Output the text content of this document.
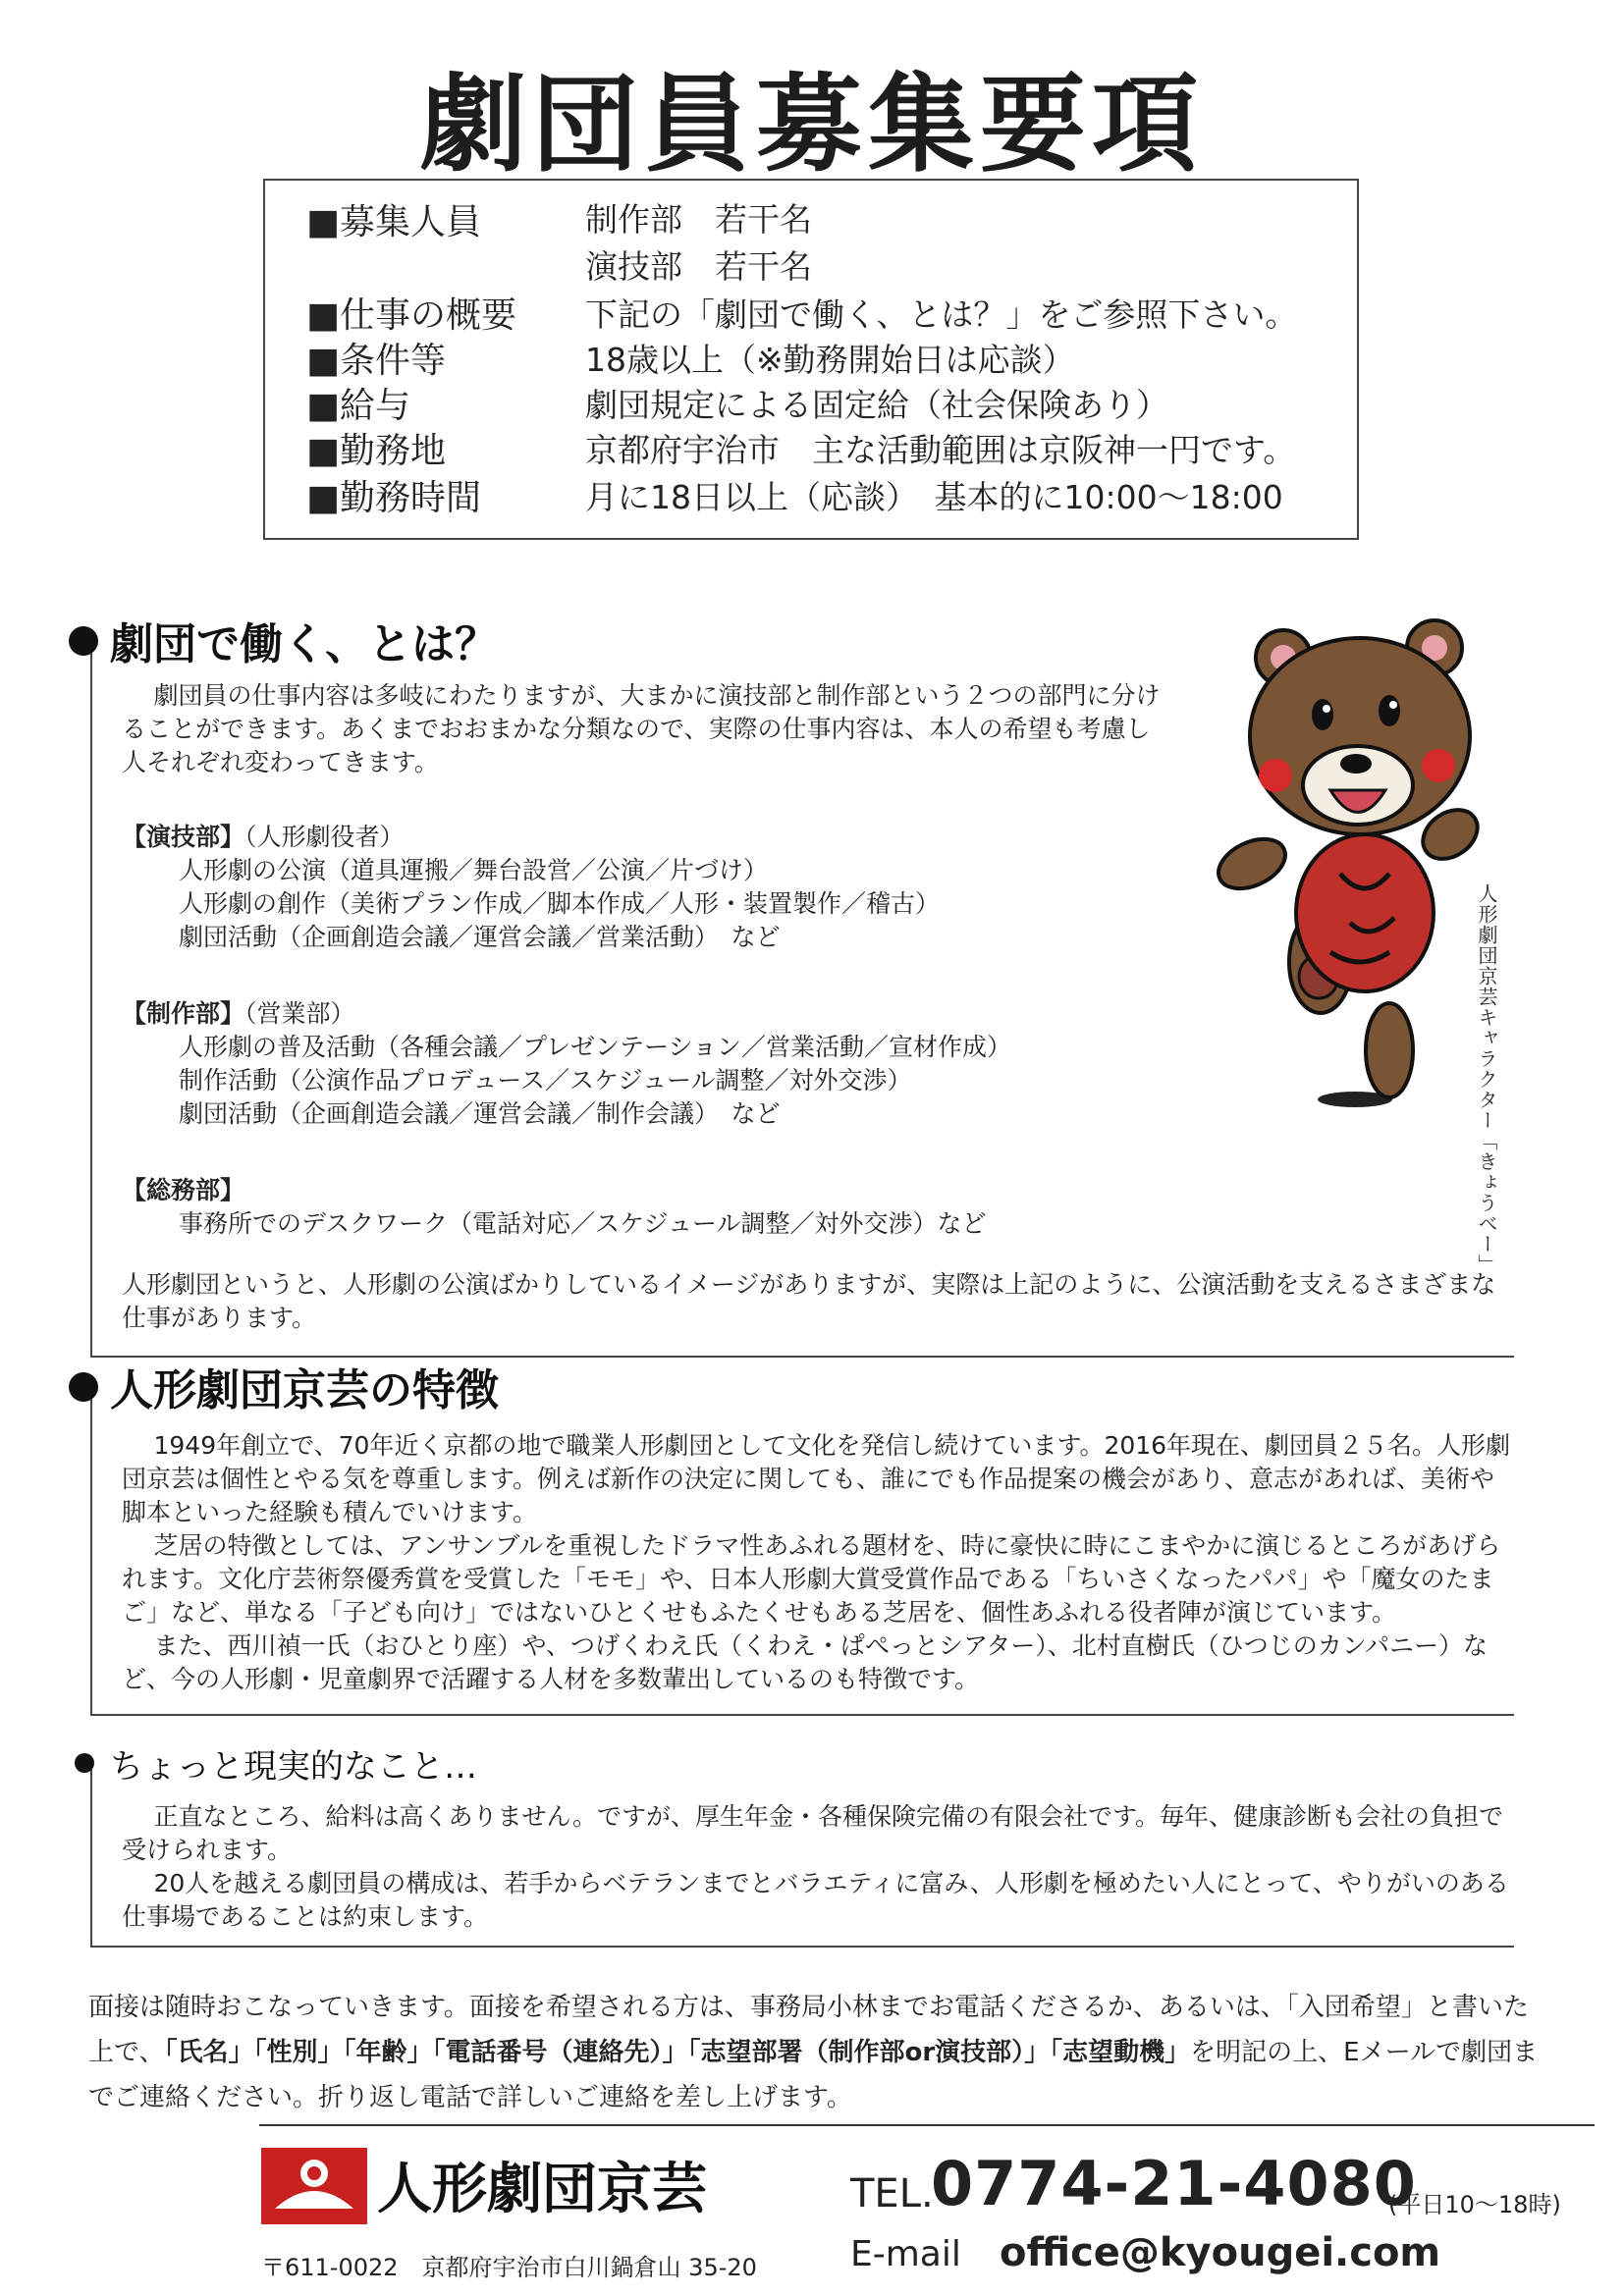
劇団員募集要項
■募集人員	制作部　若干名
演技部　若干名
■仕事の概要 下記の「劇団で働く、とは？」をご参照下さい。
■条件等	18歳以上（※勤務開始日は応談）
■給与	劇団規定による固定給（社会保険あり）
■勤務地	京都府宇治市　主な活動範囲は京阪神一円です。
■勤務時間	月に18日以上（応談）　基本的に10:00〜18:00
劇団で働く、とは？

劇団員の仕事内容は多岐にわたりますが、大まかに演技部と制作部という２つの部門に分けることができます。あくまでおおまかな分類なので、実際の仕事内容は、本人の希望も考慮し人それぞれ変わってきます。

【演技部】（人形劇役者）
人形劇の公演（道具運搬／舞台設営／公演／片づけ）
人形劇の創作（美術プラン作成／脚本作成／人形・装置製作／稽古）
劇団活動（企画創造会議／運営会議／営業活動）　など
【制作部】（営業部）
人形劇の普及活動（各種会議／プレゼンテーション／営業活動／宣材作成）
制作活動（公演作品プロデュース／スケジュール調整／対外交渉）
劇団活動（企画創造会議／運営会議／制作会議）　など
【総務部】
事務所でのデスクワーク（電話対応／スケジュール調整／対外交渉）など
人形劇団というと、人形劇の公演ばかりしているイメージがありますが、実際は上記のように、公演活動を支えるさまざまな仕事があります。
人形劇団京芸キャラクター「きょうべー」
人形劇団京芸の特徴

1949年創立で、70年近く京都の地で職業人形劇団として文化を発信し続けています。2016年現在、劇団員２５名。人形劇団京芸は個性とやる気を尊重します。例えば新作の決定に関しても、誰にでも作品提案の機会があり、意志があれば、美術や脚本といった経験も積んでいけます。

芝居の特徴としては、アンサンブルを重視したドラマ性あふれる題材を、時に豪快に時にこまやかに演じるところがあげられます。文化庁芸術祭優秀賞を受賞した「モモ」や、日本人形劇大賞受賞作品である「ちいさくなったパパ」や「魔女のたまご」など、単なる「子ども向け」ではないひとくせもふたくせもある芝居を、個性あふれる役者陣が演じています。

また、西川禎一氏（おひとり座）や、つげくわえ氏（くわえ・ぱぺっとシアター）、北村直樹氏（ひつじのカンパニー）など、今の人形劇・児童劇界で活躍する人材を多数輩出しているのも特徴です。

ちょっと現実的なこと…

正直なところ、給料は高くありません。ですが、厚生年金・各種保険完備の有限会社です。毎年、健康診断も会社の負担で受けられます。

20人を越える劇団員の構成は、若手からベテランまでとバラエティに富み、人形劇を極めたい人にとって、やりがいのある仕事場であることは約束します。

面接は随時おこなっていきます。面接を希望される方は、事務局小林までお電話くださるか、あるいは、「入団希望」と書いた上で、「氏名」「性別」「年齢」「電話番号（連絡先）」「志望部署（制作部or演技部）」「志望動機」を明記の上、Eメールで劇団までご連絡ください。折り返し電話で詳しいご連絡を差し上げます。
人形劇団京芸
〒611-0022　京都府宇治市白川鍋倉山 35-20
TEL.
0774-21-4080
(平日10〜18時)
E-mail office@kyougei.com
